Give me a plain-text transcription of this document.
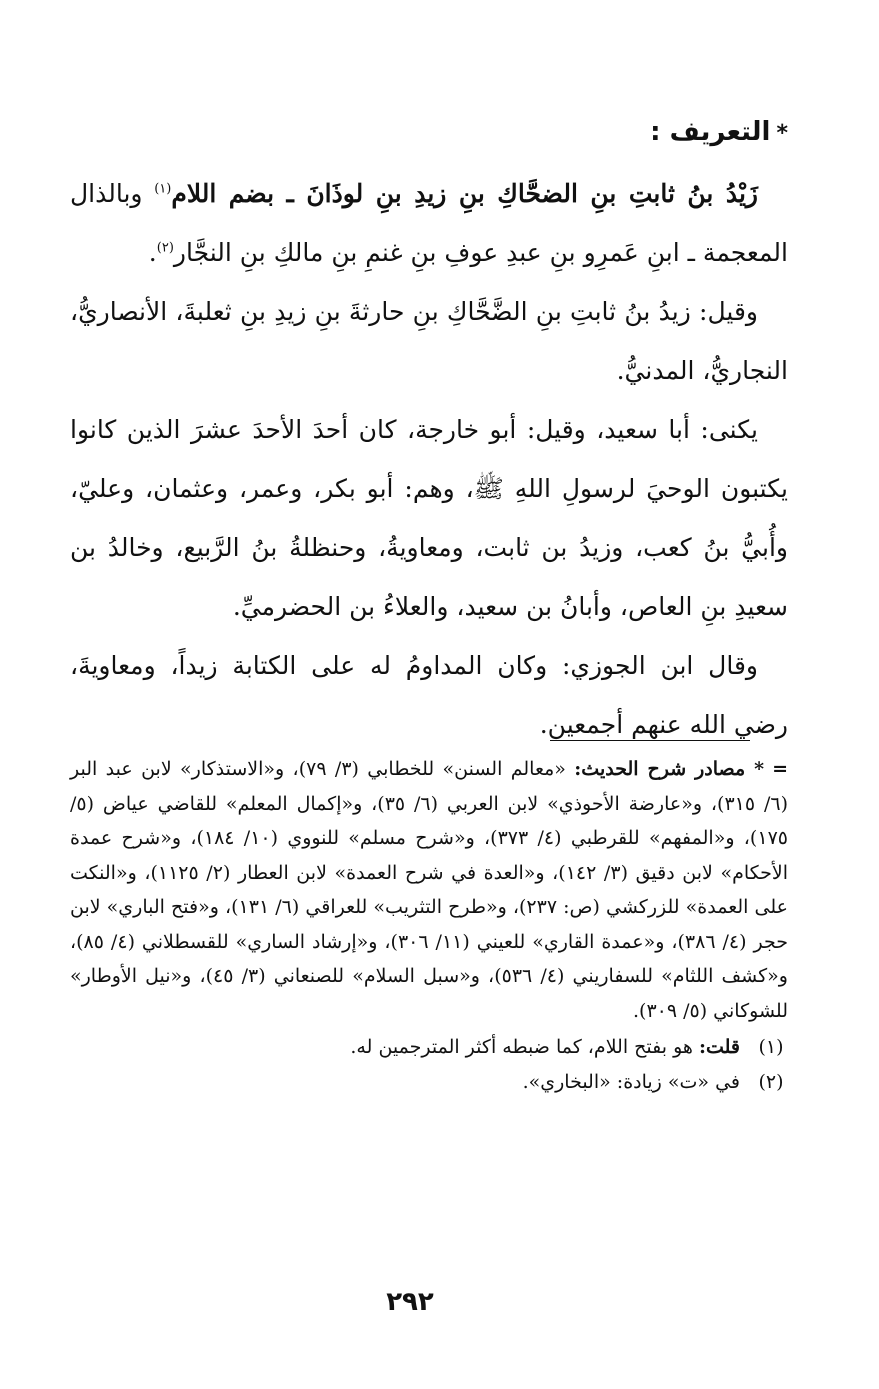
*التعريف :

زَيْدُ بنُ ثابتِ بنِ الضحَّاكِ بنِ زيدِ بنِ لوذَانَ ـ بضم اللام$^{(١)}$ وبالذال المعجمة ـ ابنِ عَمرِو بنِ عبدِ عوفِ بنِ غنمِ بنِ مالكِ بنِ النجَّار$^{(٢)}$.

وقيل: زيدُ بنُ ثابتِ بنِ الضَّحَّاكِ بنِ حارثةَ بنِ زيدِ بنِ ثعلبةَ، الأنصاريُّ، النجاريُّ، المدنيُّ.

يكنى: أبا سعيد، وقيل: أبو خارجة، كان أحدَ الأحدَ عشرَ الذين كانوا يكتبون الوحيَ لرسولِ اللهِ ﷺ، وهم: أبو بكر، وعمر، وعثمان، وعليّ، وأُبيُّ بنُ كعب، وزيدُ بن ثابت، ومعاويةُ، وحنظلةُ بنُ الرَّبيع، وخالدُ بن سعيدِ بنِ العاص، وأبانُ بن سعيد، والعلاءُ بن الحضرميِّ.

وقال ابن الجوزي: وكان المداومُ له على الكتابة زيداً، ومعاويةَ، رضي الله عنهم أجمعين.

=* مصادر شرح الحديث: «معالم السنن» للخطابي (٣/ ٧٩)، و«الاستذكار» لابن عبد البر (٦/ ٣١٥)، و«عارضة الأحوذي» لابن العربي (٦/ ٣٥)، و«إكمال المعلم» للقاضي عياض (٥/ ١٧٥)، و«المفهم» للقرطبي (٤/ ٣٧٣)، و«شرح مسلم» للنووي (١٠/ ١٨٤)، و«شرح عمدة الأحكام» لابن دقيق (٣/ ١٤٢)، و«العدة في شرح العمدة» لابن العطار (٢/ ١١٢٥)، و«النكت على العمدة» للزركشي (ص: ٢٣٧)، و«طرح التثريب» للعراقي (٦/ ١٣١)، و«فتح الباري» لابن حجر (٤/ ٣٨٦)، و«عمدة القاري» للعيني (١١/ ٣٠٦)، و«إرشاد الساري» للقسطلاني (٤/ ٨٥)، و«كشف اللثام» للسفاريني (٤/ ٥٣٦)، و«سبل السلام» للصنعاني (٣/ ٤٥)، و«نيل الأوطار» للشوكاني (٥/ ٣٠٩).

(١)
قلت: هو بفتح اللام، كما ضبطه أكثر المترجمين له.

(٢)
في «ت» زيادة: «البخاري».

٢٩٢
